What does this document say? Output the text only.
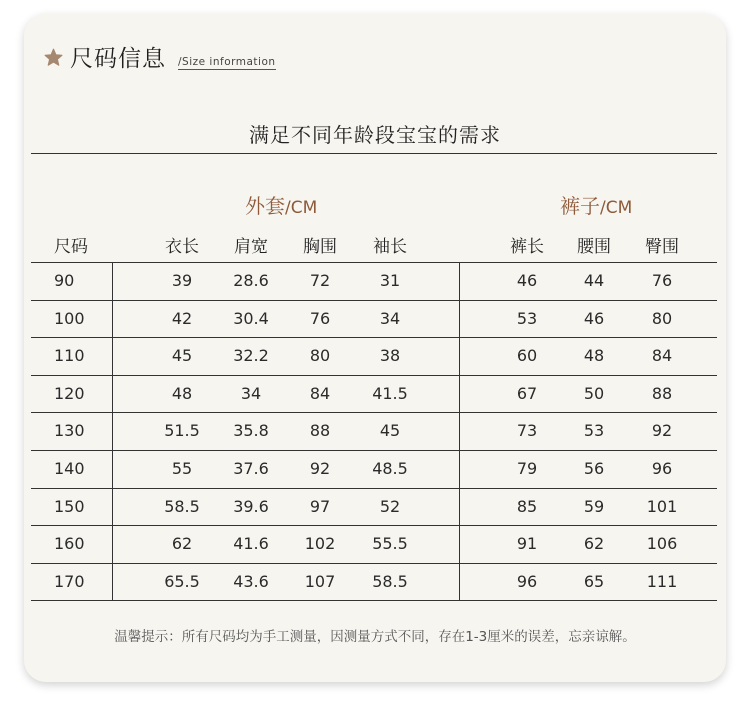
尺码信息 /Size information
满足不同年龄段宝宝的需求
外套/CM	裤子/CM
尺码	衣长 肩宽 胸围 袖长	裤长 腰围 臀围
90	39	28.6	72	31	46	44	76
100	42	30.4	76	34	53	46	80
110	45	32.2	80	38	60	48	84
120	48	34	84	41.5	67	50	88
130	51.5 35.8	88	45	73	53	92
140	55	37.6	92	48.5	79	56	96
150	58.5 39.6	97	52	85	59	101
160	62	41.6 102 55.5	91	62	106
170	65.5 43.6 107 58.5	96	65	111
温馨提示：所有尺码均为手工测量，因测量方式不同，存在1-3厘米的误差，忘亲谅解。
